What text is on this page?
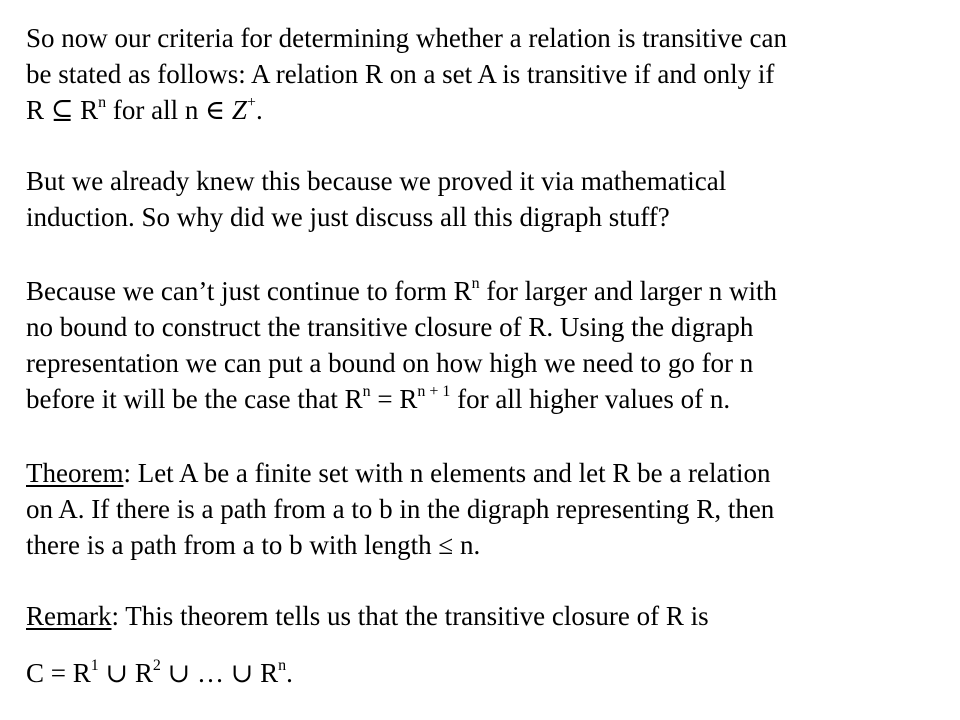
So now our criteria for determining whether a relation is transitive can
be stated as follows: A relation R on a set A is transitive if and only if
R ⊆ $R^n$ for all n ∈ Z+.
But we already knew this because we proved it via mathematical
induction. So why did we just discuss all this digraph stuff?
Because we can’t just continue to form $R^n$ for larger and larger n with
no bound to construct the transitive closure of R. Using the digraph
representation we can put a bound on how high we need to go for n
before it will be the case that $R^n = R^{n + 1}$ for all higher values of n.
Theorem: Let A be a finite set with n elements and let R be a relation
on A. If there is a path from a to b in the digraph representing R, then
there is a path from a to b with length ≤ n.
Remark: This theorem tells us that the transitive closure of R is
$C = R^1$ ∪ $R^2$ ∪ … ∪ $R^n$.
